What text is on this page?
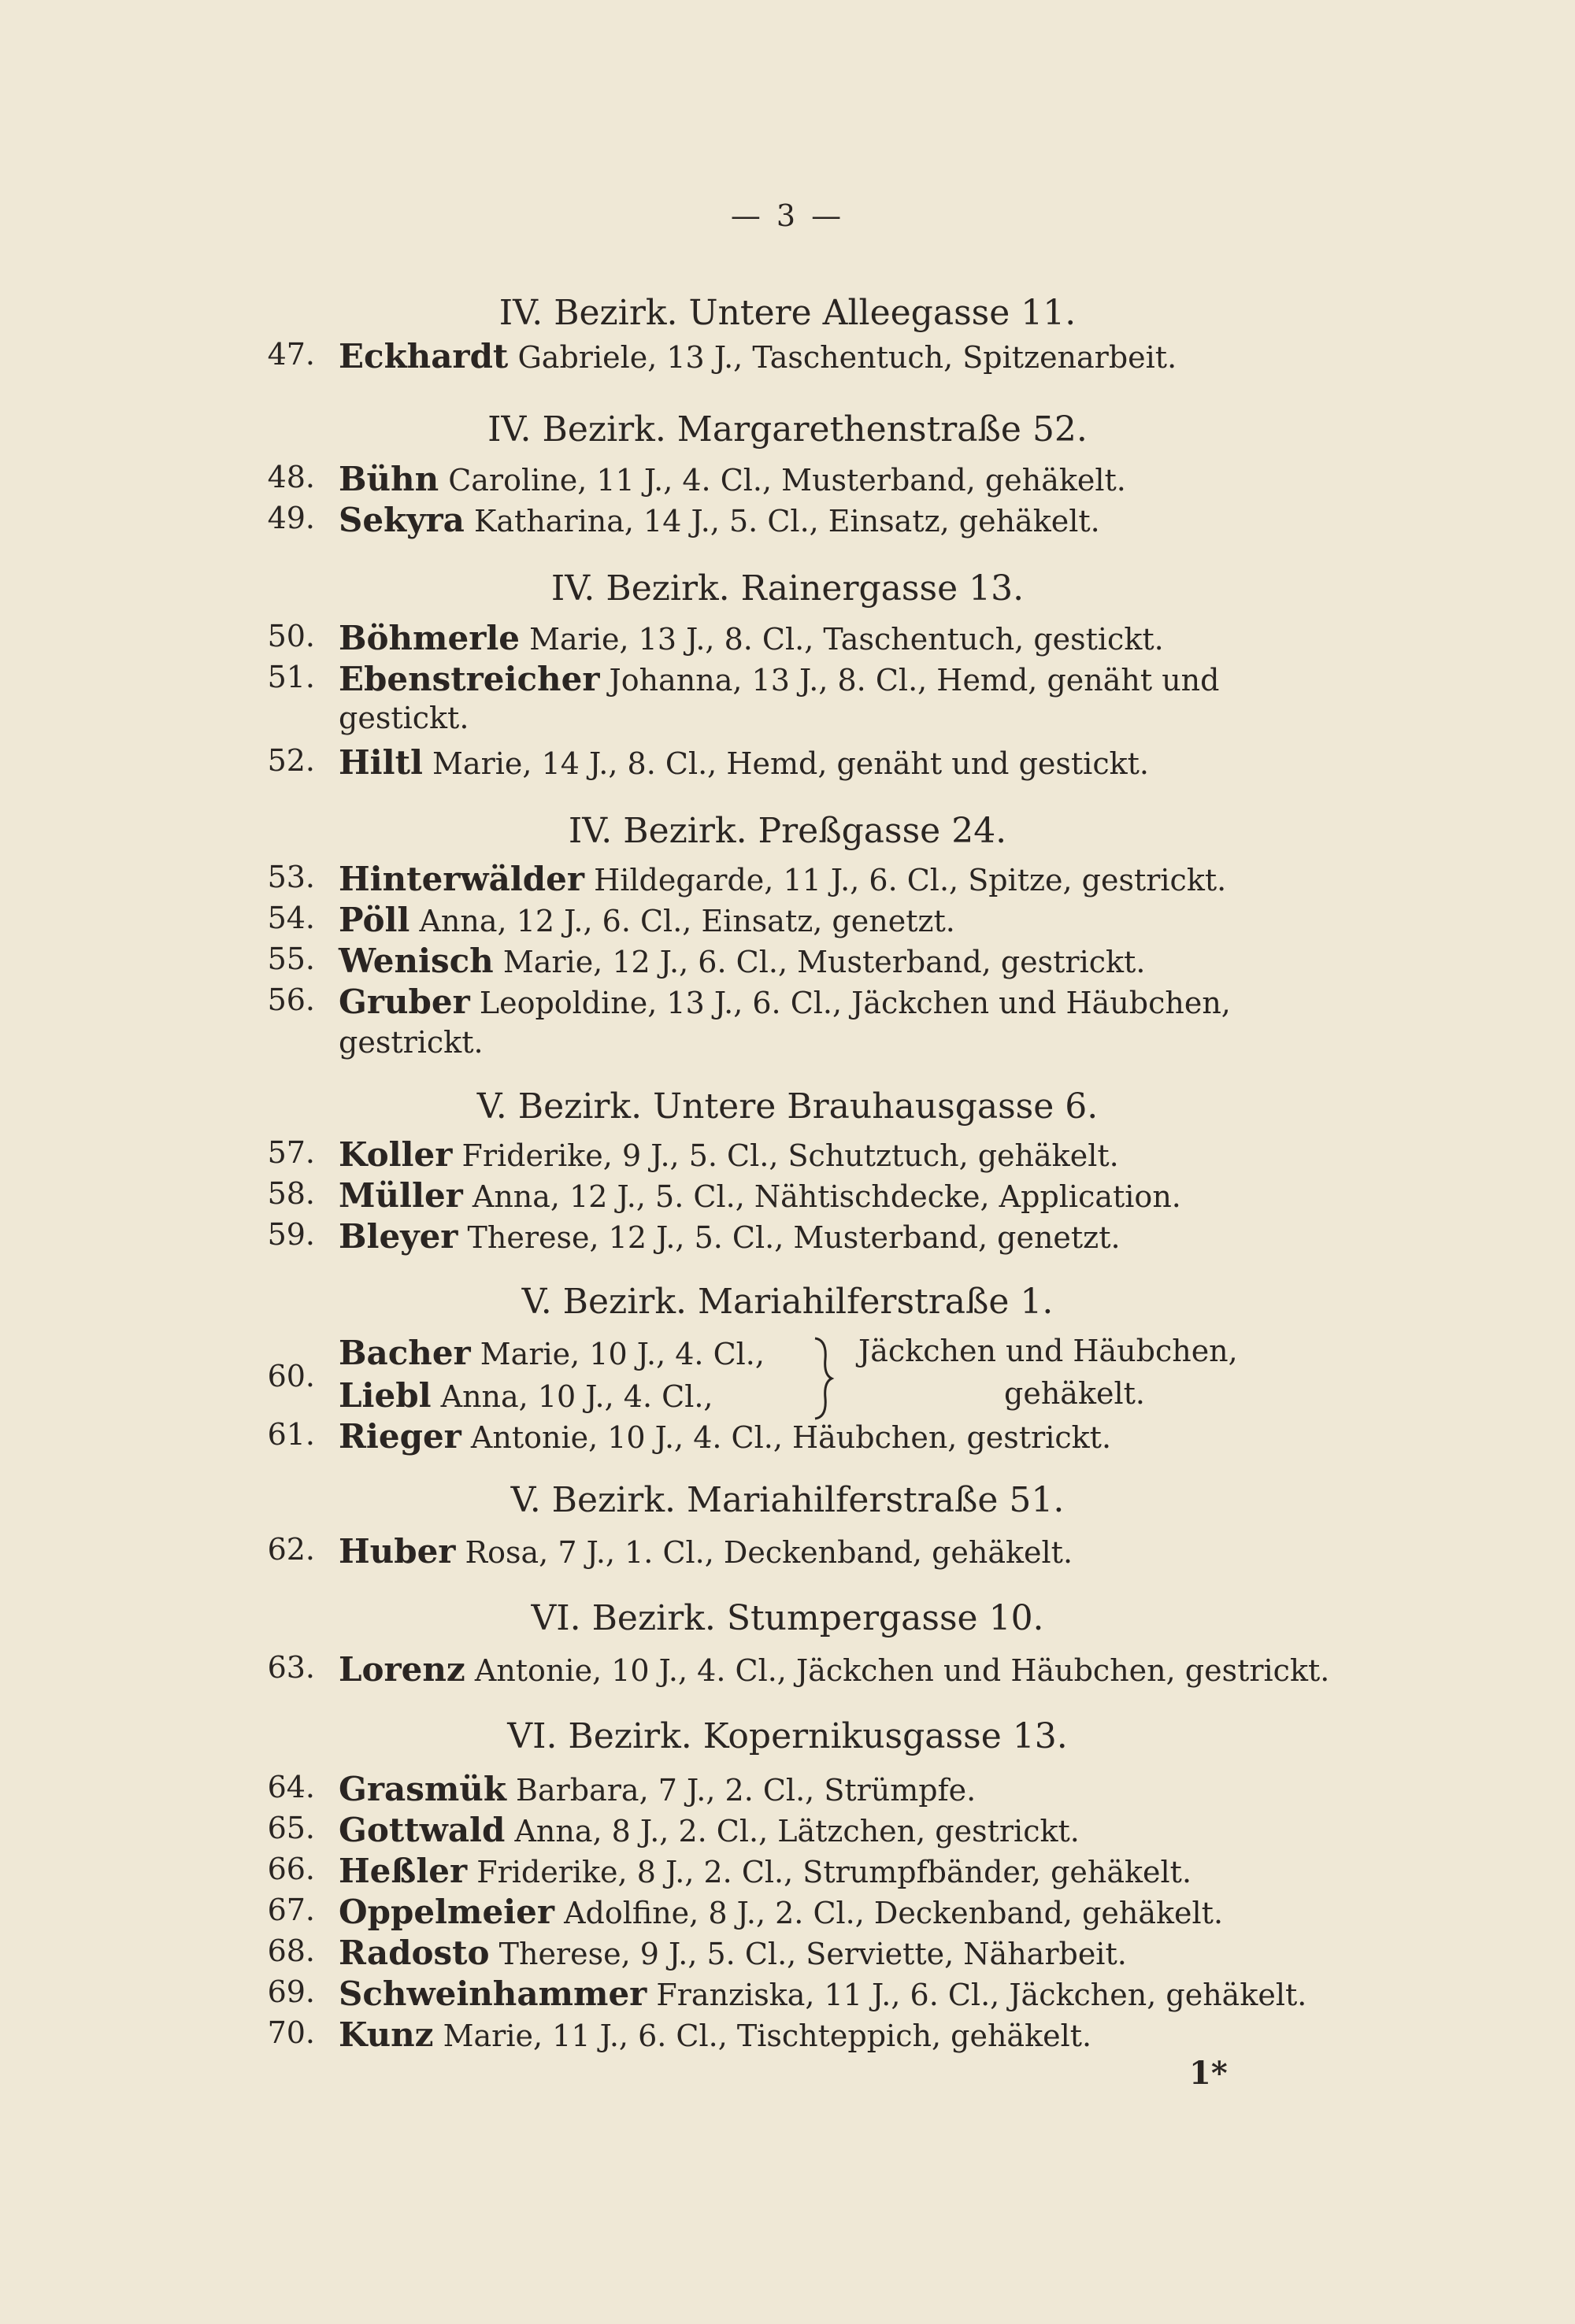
— 3 —
IV. Bezirk. Untere Alleegasse 11.
47. Eckhardt Gabriele, 13 J., Taschentuch, Spitzenarbeit.
IV. Bezirk. Margarethenstraße 52.
48. Bühn Caroline, 11 J., 4. Cl., Musterband, gehäkelt.
49. Sekyra Katharina, 14 J., 5. Cl., Einsatz, gehäkelt.
IV. Bezirk. Rainergasse 13.
50. Böhmerle Marie, 13 J., 8. Cl., Taschentuch, gestickt.
51. Ebenstreicher Johanna, 13 J., 8. Cl., Hemd, genäht und
gestickt.
52. Hiltl Marie, 14 J., 8. Cl., Hemd, genäht und gestickt.
IV. Bezirk. Preßgasse 24.
53. Hinterwälder Hildegarde, 11 J., 6. Cl., Spitze, gestrickt.
54. Pöll Anna, 12 J., 6. Cl., Einsatz, genetzt.
55. Wenisch Marie, 12 J., 6. Cl., Musterband, gestrickt.
56. Gruber Leopoldine, 13 J., 6. Cl., Jäckchen und Häubchen,
gestrickt.
V. Bezirk. Untere Brauhausgasse 6.
57. Koller Friderike, 9 J., 5. Cl., Schutztuch, gehäkelt.
58. Müller Anna, 12 J., 5. Cl., Nähtischdecke, Application.
59. Bleyer Therese, 12 J., 5. Cl., Musterband, genetzt.
V. Bezirk. Mariahilferstraße 1.
60.
Bacher Marie, 10 J., 4. Cl.,	Jäckchen und Häubchen,
Liebl Anna, 10 J., 4. Cl.,	gehäkelt.
61. Rieger Antonie, 10 J., 4. Cl., Häubchen, gestrickt.
V. Bezirk. Mariahilferstraße 51.
62. Huber Rosa, 7 J., 1. Cl., Deckenband, gehäkelt.
VI. Bezirk. Stumpergasse 10.
63. Lorenz Antonie, 10 J., 4. Cl., Jäckchen und Häubchen, gestrickt.
VI. Bezirk. Kopernikusgasse 13.
64. Grasmük Barbara, 7 J., 2. Cl., Strümpfe.
65. Gottwald Anna, 8 J., 2. Cl., Lätzchen, gestrickt.
66. Heßler Friderike, 8 J., 2. Cl., Strumpfbänder, gehäkelt.
67. Oppelmeier Adolfine, 8 J., 2. Cl., Deckenband, gehäkelt.
68. Radosto Therese, 9 J., 5. Cl., Serviette, Näharbeit.
69. Schweinhammer Franziska, 11 J., 6. Cl., Jäckchen, gehäkelt.
70. Kunz Marie, 11 J., 6. Cl., Tischteppich, gehäkelt.
1*
